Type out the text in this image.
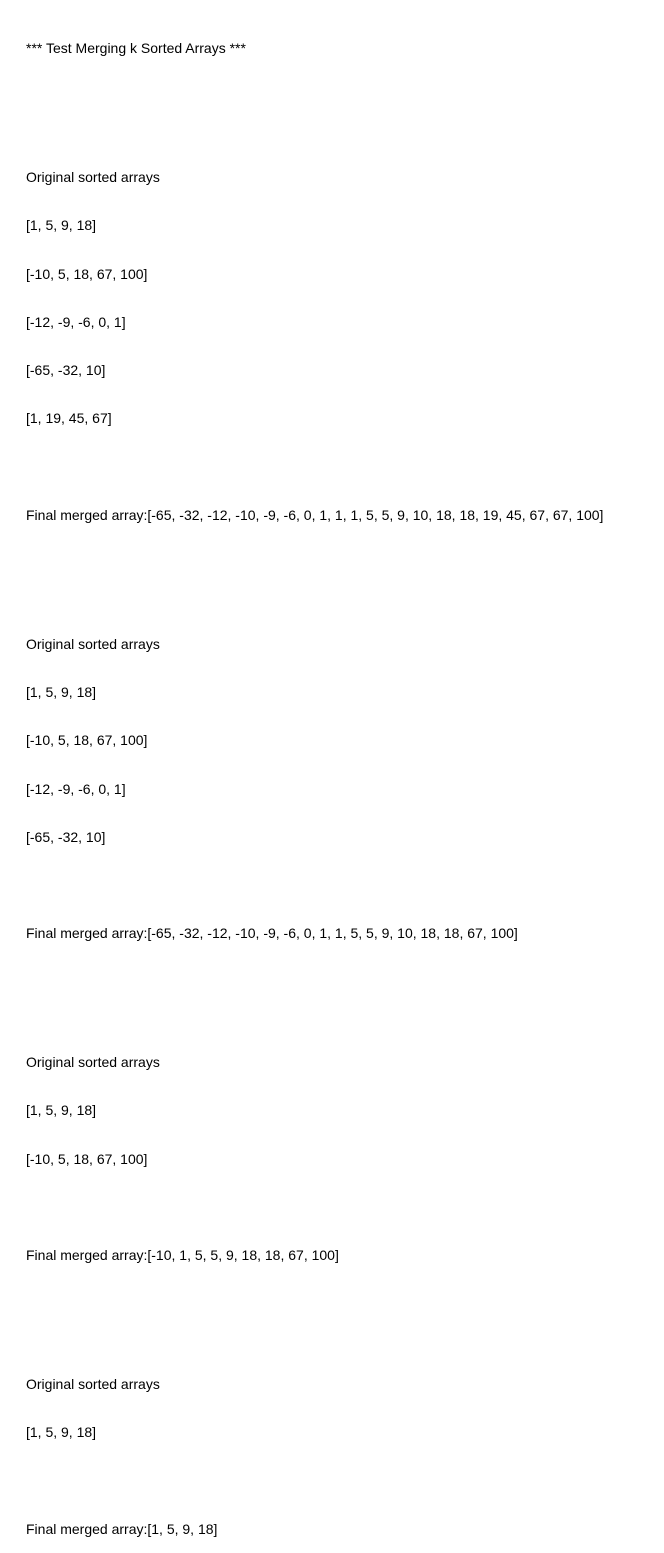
*** Test Merging k Sorted Arrays ***

Original sorted arrays

[1, 5, 9, 18]

[-10, 5, 18, 67, 100]

[-12, -9, -6, 0, 1]

[-65, -32, 10]

[1, 19, 45, 67]

Final merged array:[-65, -32, -12, -10, -9, -6, 0, 1, 1, 1, 5, 5, 9, 10, 18, 18, 19, 45, 67, 67, 100]

Original sorted arrays

[1, 5, 9, 18]

[-10, 5, 18, 67, 100]

[-12, -9, -6, 0, 1]

[-65, -32, 10]

Final merged array:[-65, -32, -12, -10, -9, -6, 0, 1, 1, 5, 5, 9, 10, 18, 18, 67, 100]

Original sorted arrays

[1, 5, 9, 18]

[-10, 5, 18, 67, 100]

Final merged array:[-10, 1, 5, 5, 9, 18, 18, 67, 100]

Original sorted arrays

[1, 5, 9, 18]

Final merged array:[1, 5, 9, 18]
